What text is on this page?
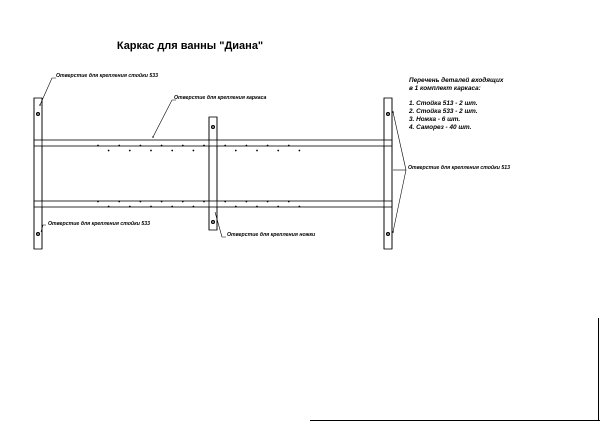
Каркас для ванны "Диана"
Отверстие для крепления стойки 533
Отверстие для крепления каркаса
Отверстие для крепления стойки 513
Отверстие для крепления стойки 533
Отверстие для крепления ножки
Перечень деталей входящих
в 1 комплект каркаса:
1. Стойка 513 - 2 шт.
2. Стойка 533 - 2 шт.
3. Ножка - 6 шт.
4. Саморез - 40 шт.
